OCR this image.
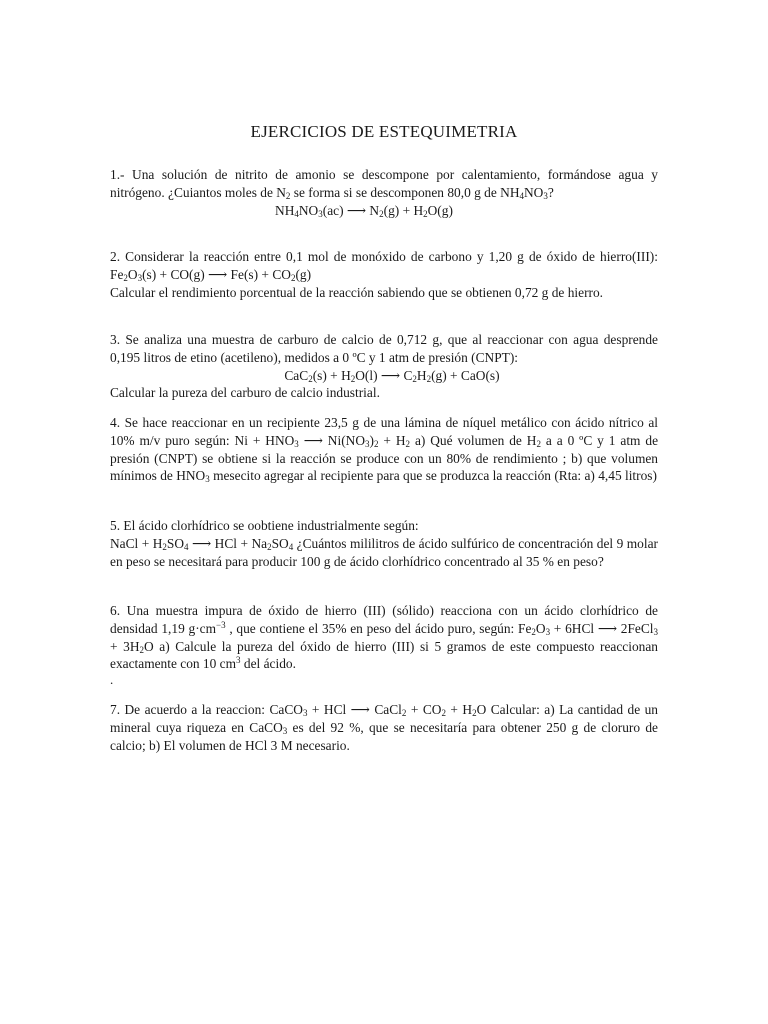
EJERCICIOS DE ESTEQUIMETRIA

1.- Una solución de nitrito de amonio se descompone por calentamiento, formándose agua y nitrógeno. ¿Cuiantos moles de $N_2$ se forma si se descomponen 80,0 g de $NH_4NO_3$?

$NH_4NO_3(ac)$ ⟶ $N_2(g) + H_2O(g)$

2. Considerar la reacción entre 0,1 mol de monóxido de carbono y 1,20 g de óxido de hierro(III): $Fe_2O_3(s) + CO(g)$ ⟶ $Fe(s) + CO_2(g)$

Calcular el rendimiento porcentual de la reacción sabiendo que se obtienen 0,72 g de hierro.

3. Se analiza una muestra de carburo de calcio de 0,712 g, que al reaccionar con agua desprende 0,195 litros de etino (acetileno), medidos a 0 ºC y 1 atm de presión (CNPT):

$CaC_2(s) + H_2O(l)$ ⟶ $C_2H_2(g) + CaO(s)$

Calcular la pureza del carburo de calcio industrial.

4. Se hace reaccionar en un recipiente 23,5 g de una lámina de níquel metálico con ácido nítrico al 10% m/v puro según: $Ni + HNO_3$ ⟶ $Ni(NO_3)_2 + H_2$ a) Qué volumen de $H_2$ a a 0 ºC y 1 atm de presión (CNPT) se obtiene si la reacción se produce con un 80% de rendimiento ; b) que volumen mínimos de $HNO_3$ mesecito agregar al recipiente para que se produzca la reacción (Rta: a) 4,45 litros)

5. El ácido clorhídrico se oobtiene industrialmente según:

NaCl + $H_2SO_4$ ⟶ HCl + $Na_2SO_4$ ¿Cuántos mililitros de ácido sulfúrico de concentración del 9 molar en peso se necesitará para producir 100 g de ácido clorhídrico concentrado al 35 % en peso?

6. Una muestra impura de óxido de hierro (III) (sólido) reacciona con un ácido clorhídrico de densidad 1,19 $g\cdot cm^{-3}$ , que contiene el 35% en peso del ácido puro, según: $Fe_2O_3 + 6HCl$ ⟶ 2FeCl$_3$ + $3H_2O$ a) Calcule la pureza del óxido de hierro (III) si 5 gramos de este compuesto reaccionan exactamente con 10 $cm^3$ del ácido.

.

7. De acuerdo a la reaccion: CaCO$_3$ + HCl ⟶ CaCl$_2$ + $CO_2 + H_2O$ Calcular: a) La cantidad de un mineral cuya riqueza en CaCO$_3$ es del 92 %, que se necesitaría para obtener 250 g de cloruro de calcio; b) El volumen de HCl 3 M necesario.
